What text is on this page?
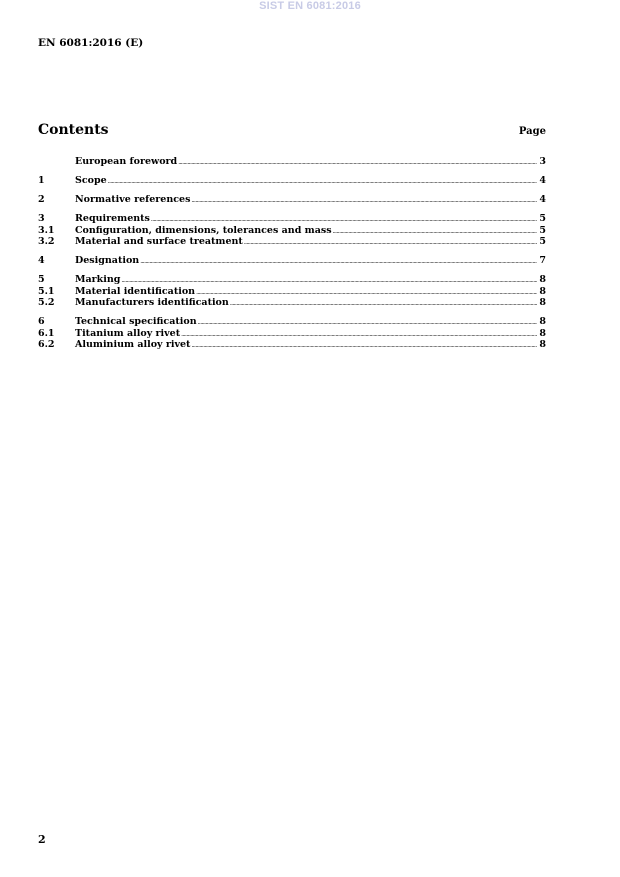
SIST EN 6081:2016
EN 6081:2016 (E)
Contents	Page
European foreword .....	3
1	Scope .....	4
2	Normative references .....	4
3	Requirements .....	5
3.1	Configuration, dimensions, tolerances and mass .....	5
3.2	Material and surface treatment .....	5
4	Designation .....	7
5	Marking .....	8
5.1	Material identification .....	8
5.2	Manufacturers identification .....	8
6	Technical specification .....	8
6.1	Titanium alloy rivet .....	8
6.2	Aluminium alloy rivet .....	8
2
